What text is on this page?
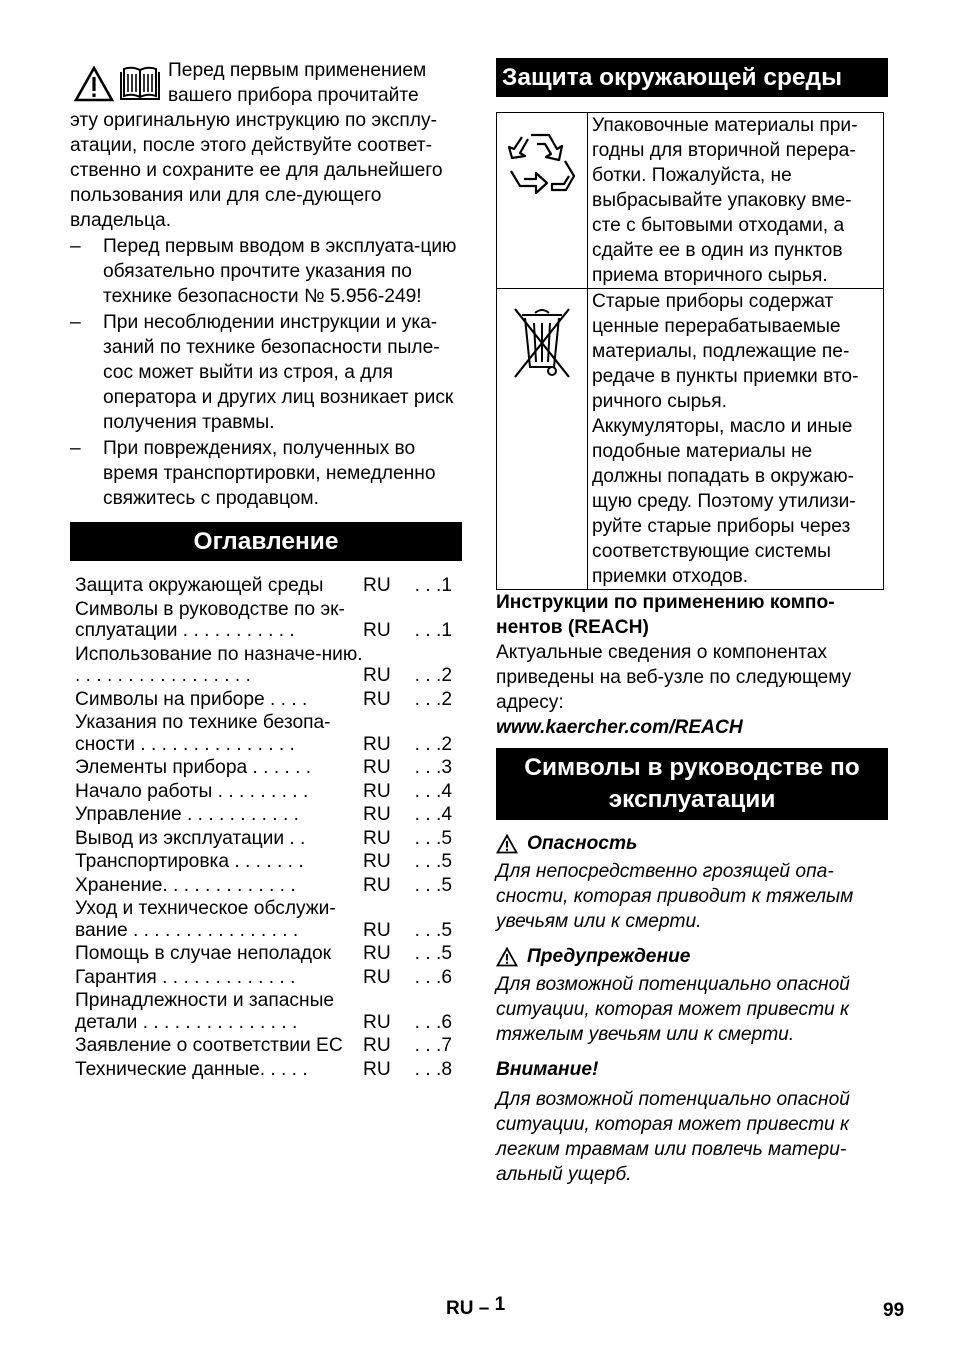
Перед первым применением
вашего прибора прочитайте

эту оригинальную инструкцию по эксплу-атации, после этого действуйте соответ-ственно и сохраните ее для дальнейшего пользования или для сле-дующего владельца.

– Перед первым вводом в эксплуата-цию обязательно прочтите указания по технике безопасности № 5.956-249!
– При несоблюдении инструкции и ука-заний по технике безопасности пыле-сос может выйти из строя, а для оператора и других лиц возникает риск получения травмы.
– При повреждениях, полученных во время транспортировки, немедленно свяжитесь с продавцом.
Оглавление
Защита окружающей среды	RU	. . .1
Символы в руководстве по эк-сплуатации . . . . . . . . . . .	RU	. . .1
Использование по назначе-нию. . . . . . . . . . . . . . . . . .	RU	. . .2
Символы на приборе . . . .	RU	. . .2
Указания по технике безопа-сности . . . . . . . . . . . . . . .	RU	. . .2
Элементы прибора . . . . . .	RU	. . .3
Начало работы . . . . . . . . .	RU	. . .4
Управление . . . . . . . . . . .	RU	. . .4
Вывод из эксплуатации . .	RU	. . .5
Транспортировка . . . . . . .	RU	. . .5
Хранение. . . . . . . . . . . . .	RU	. . .5
Уход и техническое обслужи-вание . . . . . . . . . . . . . . . .	RU	. . .5
Помощь в случае неполадок	RU	. . .5
Гарантия . . . . . . . . . . . . .	RU	. . .6
Принадлежности и запасные детали . . . . . . . . . . . . . . .	RU	. . .6
Заявление о соответствии ЕС	RU	. . .7
Технические данные. . . . .	RU	. . .8
Защита окружающей среды
	Упаковочные материалы при-годны для вторичной перера-ботки. Пожалуйста, не выбрасывайте упаковку вме-сте с бытовыми отходами, а сдайте ее в один из пунктов приема вторичного сырья.

Старые приборы содержат ценные перерабатываемые материалы, подлежащие пе-редаче в пункты приемки вто-ричного сырья.
Аккумуляторы, масло и иные подобные материалы не должны попадать в окружаю-щую среду. Поэтому утилизи-руйте старые приборы через соответствующие системы приемки отходов.
Инструкции по применению компо-нентов (REACH)
Актуальные сведения о компонентах приведены на веб-узле по следующему адресу:
www.kaercher.com/REACH
Символы в руководстве по эксплуатации
Опасность
Для непосредственно грозящей опа-сности, которая приводит к тяжелым увечьям или к смерти.
Предупреждение
Для возможной потенциально опасной ситуации, которая может привести к тяжелым увечьям или к смерти.
Внимание!
Для возможной потенциально опасной ситуации, которая может привести к легким травмам или повлечь матери-альный ущерб.
RU – 1	99
